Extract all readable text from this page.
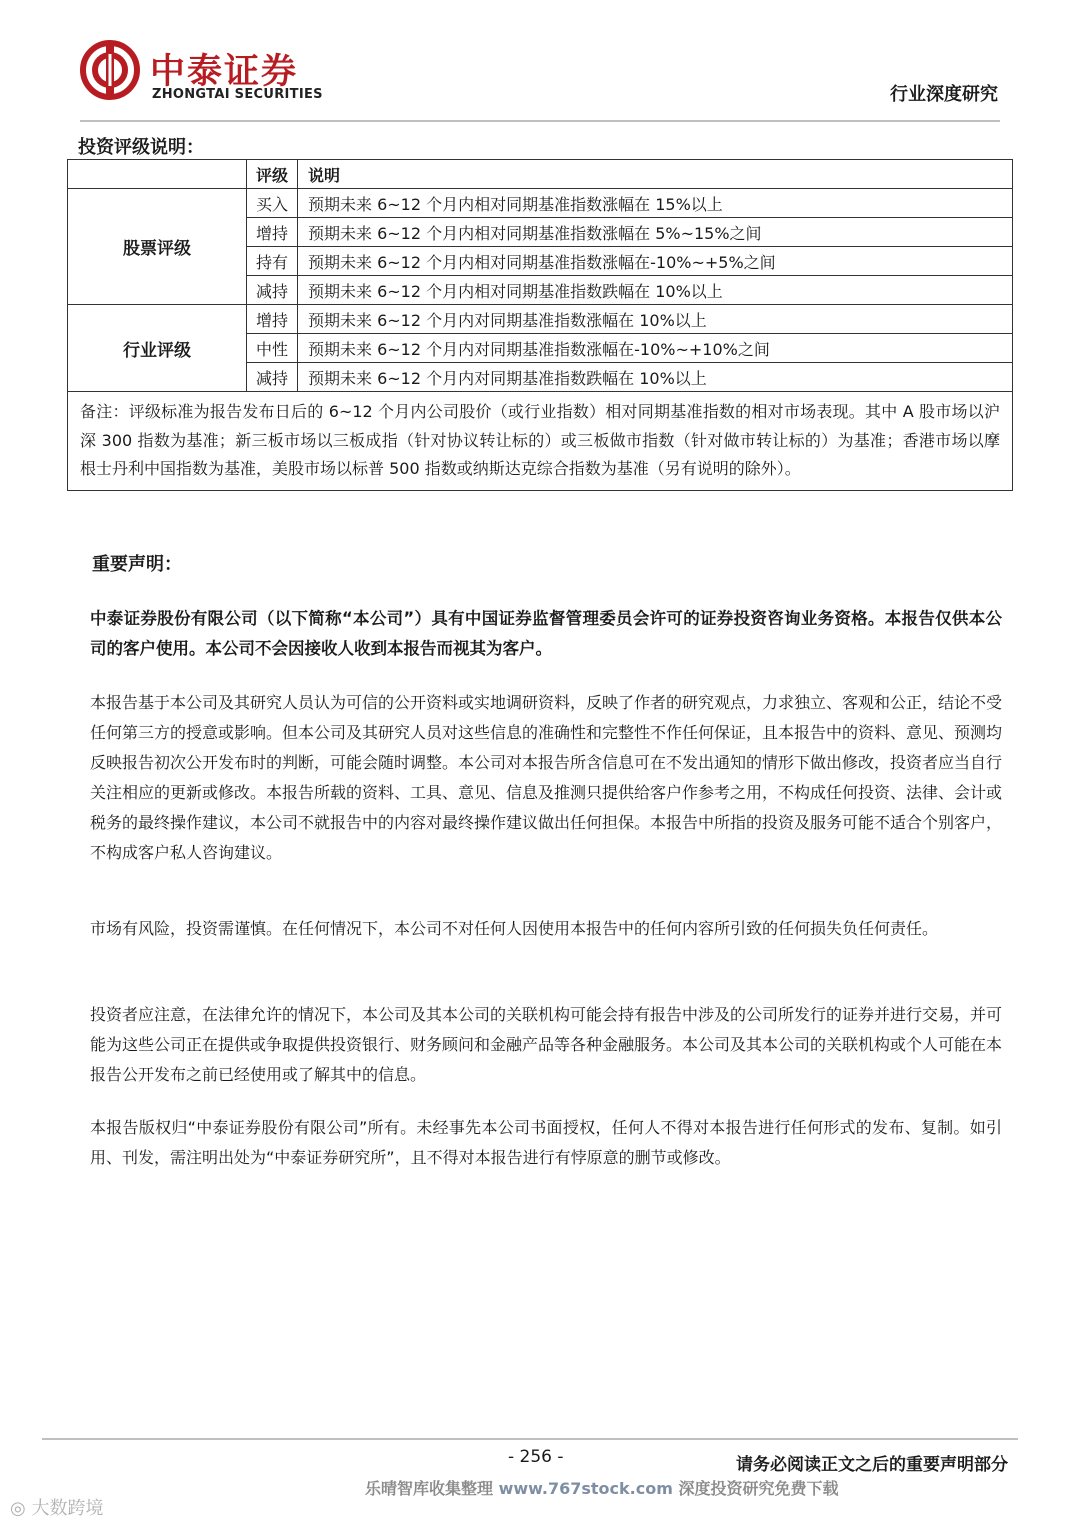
中泰证券
ZHONGTAI SECURITIES	行业深度研究
投资评级说明：
	评级	说明
股票评级	买入	预期未来 6~12 个月内相对同期基准指数涨幅在 15%以上
	增持	预期未来 6~12 个月内相对同期基准指数涨幅在 5%~15%之间
	持有	预期未来 6~12 个月内相对同期基准指数涨幅在-10%~+5%之间
	减持	预期未来 6~12 个月内相对同期基准指数跌幅在 10%以上
行业评级	增持	预期未来 6~12 个月内对同期基准指数涨幅在 10%以上
	中性	预期未来 6~12 个月内对同期基准指数涨幅在-10%~+10%之间
	减持	预期未来 6~12 个月内对同期基准指数跌幅在 10%以上
备注：评级标准为报告发布日后的 6~12 个月内公司股价（或行业指数）相对同期基准指数的相对市场表现。其中 A 股市场以沪深 300 指数为基准；新三板市场以三板成指（针对协议转让标的）或三板做市指数（针对做市转让标的）为基准；香港市场以摩根士丹利中国指数为基准，美股市场以标普 500 指数或纳斯达克综合指数为基准（另有说明的除外）。		
重要声明：
中泰证券股份有限公司（以下简称“本公司”）具有中国证券监督管理委员会许可的证券投资咨询业务资格。本报告仅供本公司的客户使用。本公司不会因接收人收到本报告而视其为客户。
本报告基于本公司及其研究人员认为可信的公开资料或实地调研资料，反映了作者的研究观点，力求独立、客观和公正，结论不受任何第三方的授意或影响。但本公司及其研究人员对这些信息的准确性和完整性不作任何保证，且本报告中的资料、意见、预测均反映报告初次公开发布时的判断，可能会随时调整。本公司对本报告所含信息可在不发出通知的情形下做出修改，投资者应当自行关注相应的更新或修改。本报告所载的资料、工具、意见、信息及推测只提供给客户作参考之用，不构成任何投资、法律、会计或税务的最终操作建议，本公司不就报告中的内容对最终操作建议做出任何担保。本报告中所指的投资及服务可能不适合个别客户，不构成客户私人咨询建议。
市场有风险，投资需谨慎。在任何情况下，本公司不对任何人因使用本报告中的任何内容所引致的任何损失负任何责任。
投资者应注意，在法律允许的情况下，本公司及其本公司的关联机构可能会持有报告中涉及的公司所发行的证券并进行交易，并可能为这些公司正在提供或争取提供投资银行、财务顾问和金融产品等各种金融服务。本公司及其本公司的关联机构或个人可能在本报告公开发布之前已经使用或了解其中的信息。
本报告版权归“中泰证券股份有限公司”所有。未经事先本公司书面授权，任何人不得对本报告进行任何形式的发布、复制。如引用、刊发，需注明出处为“中泰证券研究所”，且不得对本报告进行有悖原意的删节或修改。
- 256 -	请务必阅读正文之后的重要声明部分
乐晴智库收集整理 www.767stock.com 深度投资研究免费下载
◎ 大数跨境
